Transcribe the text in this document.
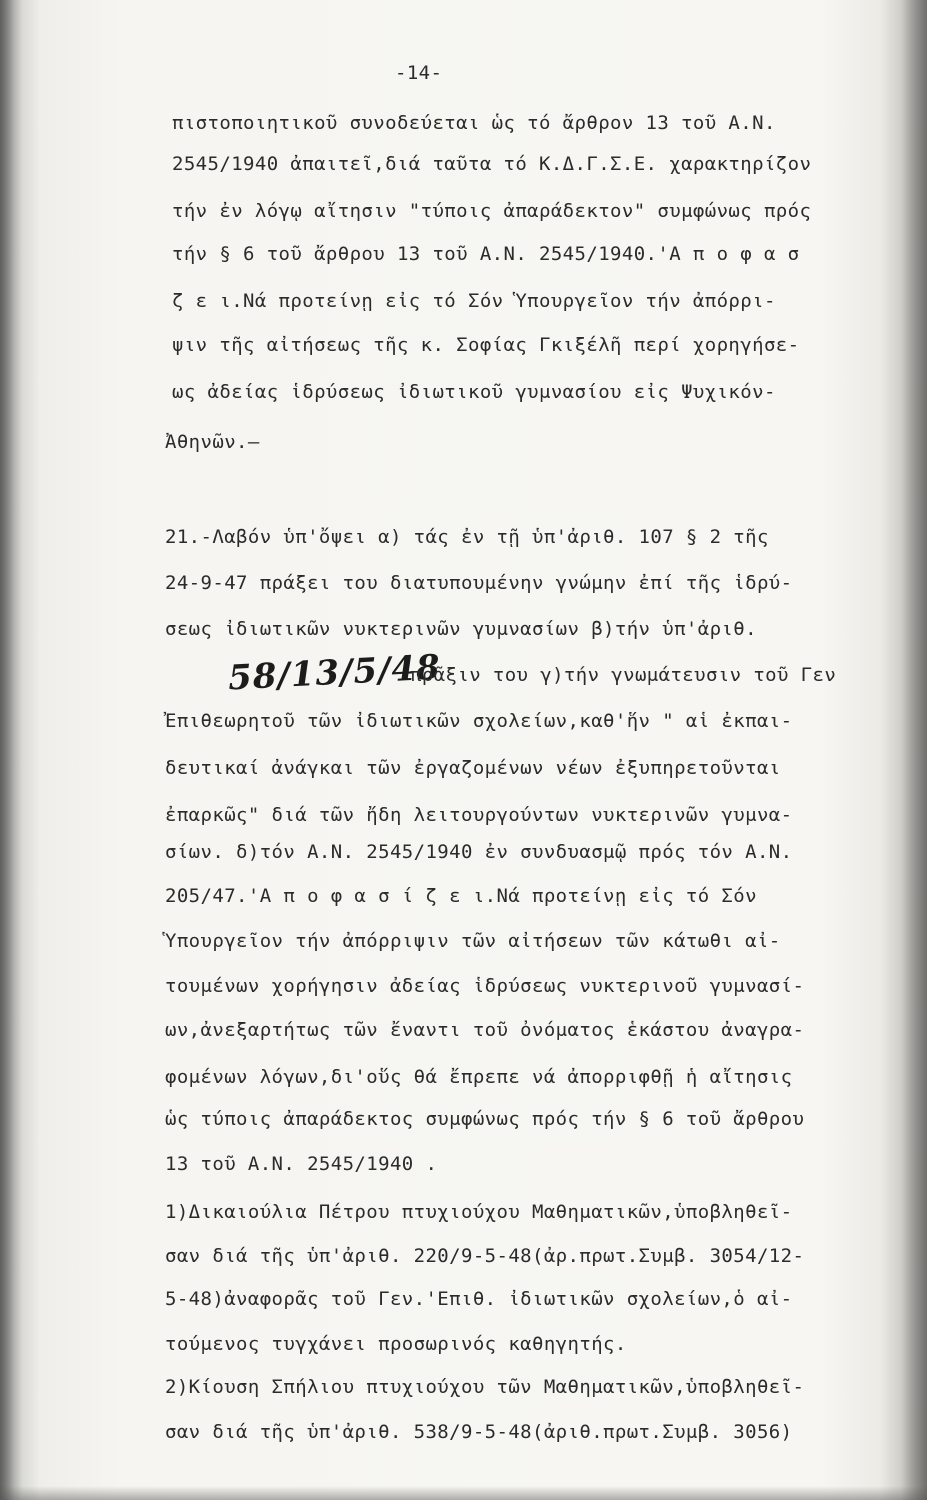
-14-
πιστοποιητικοῦ συνοδεύεται ὡς τό ἄρθρον 13 τοῦ Α.Ν.
2545/1940 ἀπαιτεῖ,διά ταῦτα τό Κ.Δ.Γ.Σ.Ε. χαρακτηρίζον
τήν ἐν λόγῳ αἴτησιν "τύποις ἀπαράδεκτον" συμφώνως πρός
τήν § 6 τοῦ ἄρθρου 13 τοῦ Α.Ν. 2545/1940.'Α π ο φ α σ
ζ ε ι.Νά προτείνῃ εἰς τό Σόν Ὑπουργεῖον τήν ἀπόρρι-
ψιν τῆς αἰτήσεως τῆς κ. Σοφίας Γκιξέλῆ περί χορηγήσε-
ως ἀδείας ἱδρύσεως ἰδιωτικοῦ γυμνασίου εἰς Ψυχικόν-
Ἀθηνῶν.—
21.-Λαβόν ὑπ'ὄψει α) τάς ἐν τῇ ὑπ'ἀριθ. 107 § 2 τῆς
24-9-47 πράξει του διατυπουμένην γνώμην ἐπί τῆς ἱδρύ-
σεως ἰδιωτικῶν νυκτερινῶν γυμνασίων β)τήν ὑπ'ἀριθ.
58/13/5/48
πρᾶξιν του γ)τήν γνωμάτευσιν τοῦ Γεν
Ἐπιθεωρητοῦ τῶν ἰδιωτικῶν σχολείων,καθ'ἥν " αἱ ἐκπαι-
δευτικαί ἀνάγκαι τῶν ἐργαζομένων νέων ἐξυπηρετοῦνται
ἐπαρκῶς" διά τῶν ἤδη λειτουργούντων νυκτερινῶν γυμνα-
σίων. δ)τόν Α.Ν. 2545/1940 ἐν συνδυασμῷ πρός τόν Α.Ν.
205/47.'Α π ο φ α σ ί ζ ε ι.Νά προτείνῃ εἰς τό Σόν
Ὑπουργεῖον τήν ἀπόρριψιν τῶν αἰτήσεων τῶν κάτωθι αἰ-
τουμένων χορήγησιν ἀδείας ἱδρύσεως νυκτερινοῦ γυμνασί-
ων,ἀνεξαρτήτως τῶν ἔναντι τοῦ ὀνόματος ἑκάστου ἀναγρα-
φομένων λόγων,δι'οὕς θά ἔπρεπε νά ἀπορριφθῇ ἡ αἴτησις
ὡς τύποις ἀπαράδεκτος συμφώνως πρός τήν § 6 τοῦ ἄρθρου
13 τοῦ Α.Ν. 2545/1940 .
1)Δικαιούλια Πέτρου πτυχιούχου Μαθηματικῶν,ὑποβληθεῖ-
σαν διά τῆς ὑπ'ἀριθ. 220/9-5-48(ἀρ.πρωτ.Συμβ. 3054/12-
5-48)ἀναφορᾶς τοῦ Γεν.'Επιθ. ἰδιωτικῶν σχολείων,ὁ αἰ-
τούμενος τυγχάνει προσωρινός καθηγητής.
2)Κίουση Σπήλιου πτυχιούχου τῶν Μαθηματικῶν,ὑποβληθεῖ-
σαν διά τῆς ὑπ'ἀριθ. 538/9-5-48(ἀριθ.πρωτ.Συμβ. 3056)
